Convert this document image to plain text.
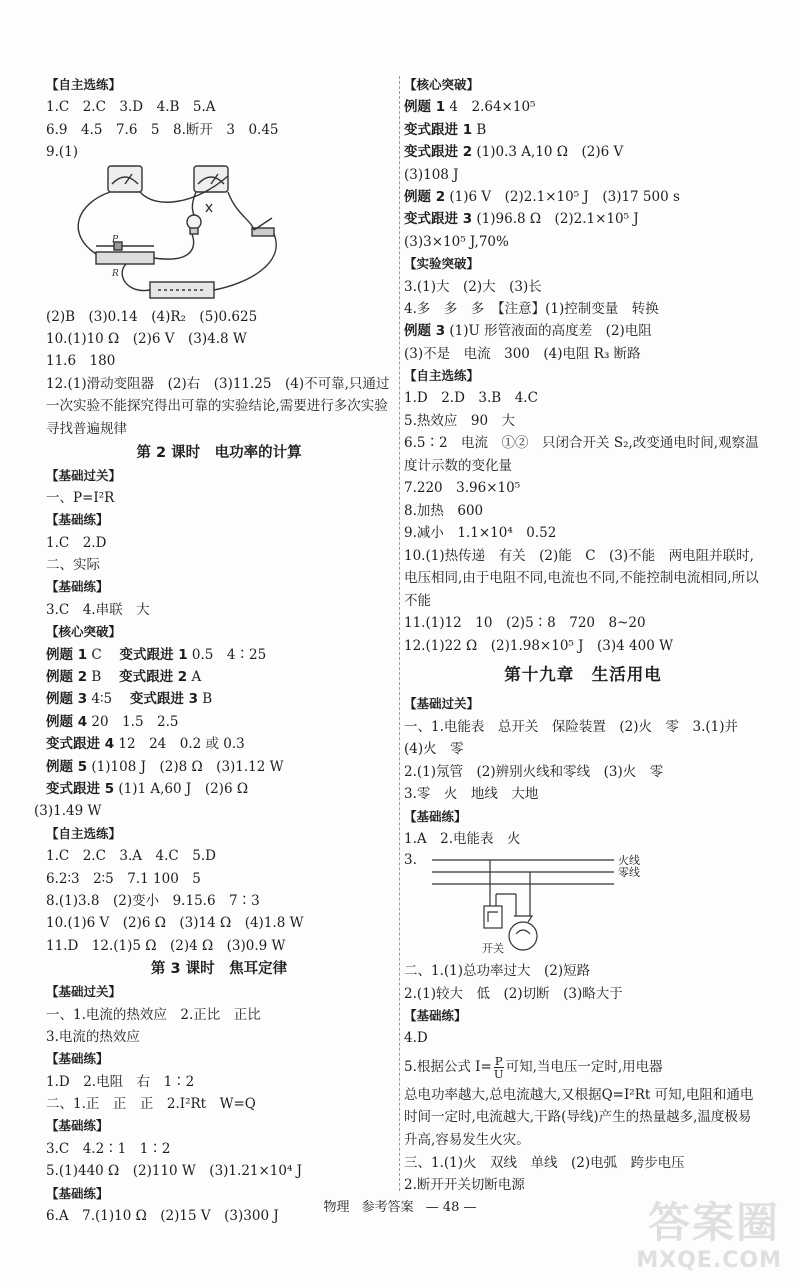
【自主选练】
1.C　2.C　3.D　4.B　5.A
6.9　4.5　7.6　5　8.断开　3　0.45
9.(1)
P
R
(2)B　(3)0.14　(4)R₂　(5)0.625
10.(1)10 Ω　(2)6 V　(3)4.8 W
11.6　180
12.(1)滑动变阻器　(2)右　(3)11.25　(4)不可靠,只通过一次实验不能探究得出可靠的实验结论,需要进行多次实验寻找普遍规律
第 2 课时　电功率的计算
【基础过关】
一、P=I²R
【基础练】
1.C　2.D
二、实际
【基础练】
3.C　4.串联　大
【核心突破】
例题 1 C　 变式跟进 1 0.5　4∶25
例题 2 B　 变式跟进 2 A
例题 3 4∶5　 变式跟进 3 B
例题 4 20　1.5　2.5
变式跟进 4 12　24　0.2 或 0.3
例题 5 (1)108 J　(2)8 Ω　(3)1.12 W
变式跟进 5 (1)1 A,60 J　(2)6 Ω
(3)1.49 W
【自主选练】
1.C　2.C　3.A　4.C　5.D
6.2∶3　2∶5　7.1 100　5
8.(1)3.8　(2)变小　9.15.6　7∶3
10.(1)6 V　(2)6 Ω　(3)14 Ω　(4)1.8 W
11.D　12.(1)5 Ω　(2)4 Ω　(3)0.9 W
第 3 课时　焦耳定律
【基础过关】
一、1.电流的热效应　2.正比　正比
3.电流的热效应
【基础练】
1.D　2.电阻　右　1∶2
二、1.正　正　正　2.I²Rt　W=Q
【基础练】
3.C　4.2∶1　1∶2
5.(1)440 Ω　(2)110 W　(3)1.21×10⁴ J
【基础练】
6.A　7.(1)10 Ω　(2)15 V　(3)300 J
【核心突破】
例题 1 4　2.64×10⁵
变式跟进 1 B
变式跟进 2 (1)0.3 A,10 Ω　(2)6 V
(3)108 J
例题 2 (1)6 V　(2)2.1×10⁵ J　(3)17 500 s
变式跟进 3 (1)96.8 Ω　(2)2.1×10⁵ J
(3)3×10⁵ J,70%
【实验突破】
3.(1)大　(2)大　(3)长
4.多　多　多　【注意】(1)控制变量　转换
例题 3 (1)U 形管液面的高度差　(2)电阻
(3)不是　电流　300　(4)电阻 R₃ 断路
【自主选练】
1.D　2.D　3.B　4.C
5.热效应　90　大
6.5∶2　电流　①②　只闭合开关 S₂,改变通电时间,观察温度计示数的变化量
7.220　3.96×10⁵
8.加热　600
9.减小　1.1×10⁴　0.52
10.(1)热传递　有关　(2)能　C　(3)不能　两电阻并联时,电压相同,由于电阻不同,电流也不同,不能控制电流相同,所以不能
11.(1)12　10　(2)5∶8　720　8~20
12.(1)22 Ω　(2)1.98×10⁵ J　(3)4 400 W
第十九章　生活用电
【基础过关】
一、1.电能表　总开关　保险装置　(2)火　零　3.(1)并　(4)火　零
2.(1)氖管　(2)辨别火线和零线　(3)火　零
3.零　火　地线　大地
【基础练】
1.A　2.电能表　火
3.	火线
零线
开关
二、1.(1)总功率过大　(2)短路
2.(1)较大　低　(2)切断　(3)略大于
【基础练】
4.D
5.根据公式 $I= \frac{P}{U}$ 可知,当电压一定时,用电器
总电功率越大,总电流越大,又根据Q=I²Rt 可知,电阻和通电时间一定时,电流越大,干路(导线)产生的热量越多,温度极易升高,容易发生火灾。
三、1.(1)火　双线　单线　(2)电弧　跨步电压
2.断开开关切断电源
物理 参考答案 — 48 —	答案圈
MXQE.COM
